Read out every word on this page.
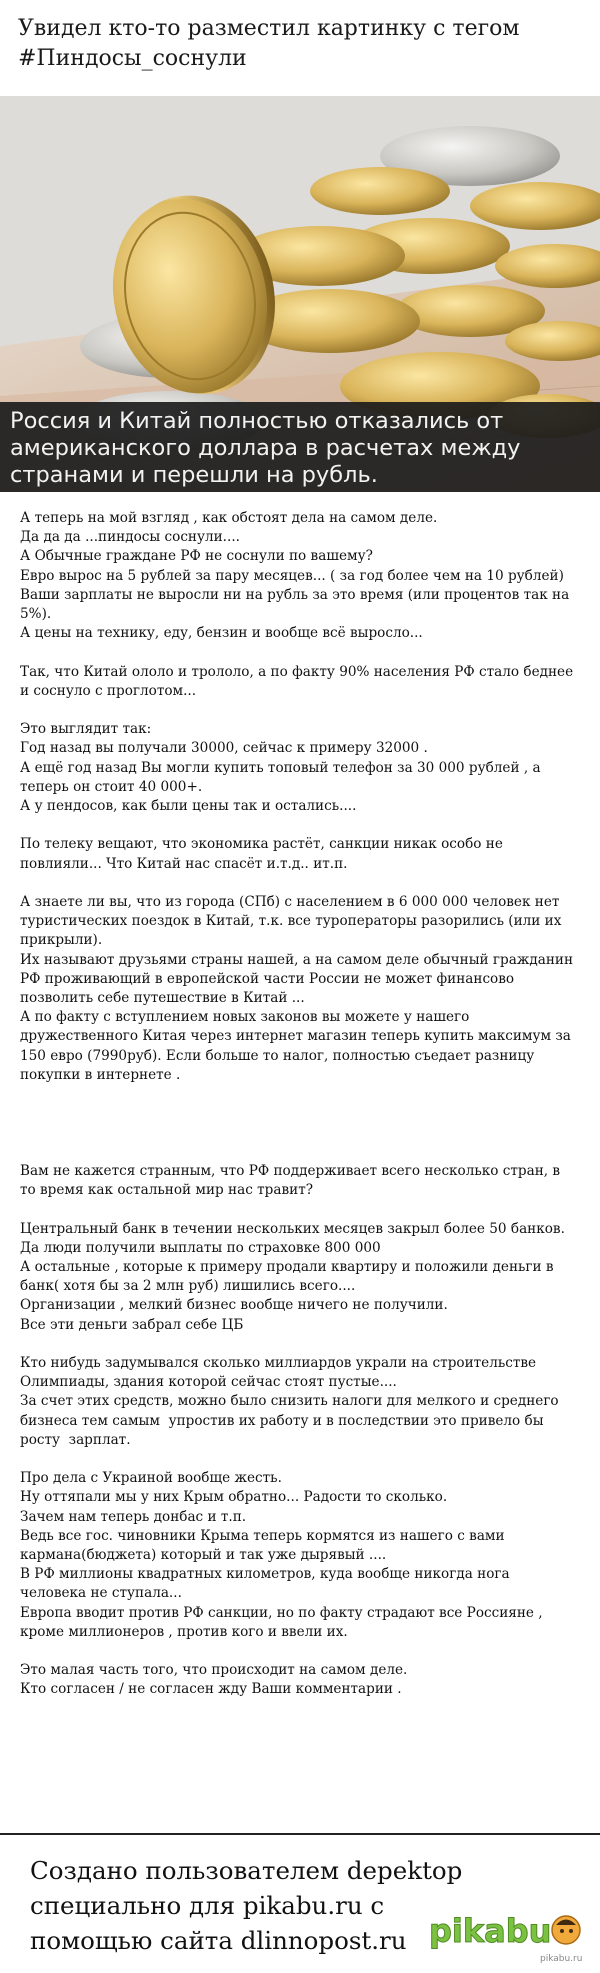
Увидел кто-то разместил картинку с тегом #Пиндосы_соснули
Россия и Китай полностью отказались от американского доллара в расчетах между странами и перешли на рубль.
А теперь на мой взгляд , как обстоят дела на самом деле.
Да да да ...пиндосы соснули....
А Обычные граждане РФ не соснули по вашему?
Евро вырос на 5 рублей за пару месяцев... ( за год более чем на 10 рублей)
Ваши зарплаты не выросли ни на рубль за это время (или процентов так на 5%).
А цены на технику, еду, бензин и вообще всё выросло...

Так, что Китай ололо и трололо, а по факту 90% населения РФ стало беднее и соснуло с проглотом...

Это выглядит так:
Год назад вы получали 30000, сейчас к примеру 32000 .
А ещё год назад Вы могли купить топовый телефон за 30 000 рублей , а теперь он стоит 40 000+.
А у пендосов, как были цены так и остались....

По телеку вещают, что экономика растёт, санкции никак особо не повлияли... Что Китай нас спасёт и.т.д.. ит.п.

А знаете ли вы, что из города (СПб) с населением в 6 000 000 человек нет туристических поездок в Китай, т.к. все туроператоры разорились (или их прикрыли).
Их называют друзьями страны нашей, а на самом деле обычный гражданин РФ проживающий в европейской части России не может финансово позволить себе путешествие в Китай ...
А по факту с вступлением новых законов вы можете у нашего дружественного Китая через интернет магазин теперь купить максимум за 150 евро (7990руб). Если больше то налог, полностью съедает разницу покупки в интернете .

Вам не кажется странным, что РФ поддерживает всего несколько стран, в то время как остальной мир нас травит?

Центральный банк в течении нескольких месяцев закрыл более 50 банков.
Да люди получили выплаты по страховке 800 000
А остальные , которые к примеру продали квартиру и положили деньги в банк( хотя бы за 2 млн руб) лишились всего....
Организации , мелкий бизнес вообще ничего не получили.
Все эти деньги забрал себе ЦБ

Кто нибудь задумывался сколько миллиардов украли на строительстве Олимпиады, здания которой сейчас стоят пустые....
За счет этих средств, можно было снизить налоги для мелкого и среднего бизнеса тем самым  упростив их работу и в последствии это привело бы росту  зарплат.

Про дела с Украиной вообще жесть.
Ну оттяпали мы у них Крым обратно... Радости то сколько.
Зачем нам теперь донбас и т.п.
Ведь все гос. чиновники Крыма теперь кормятся из нашего с вами кармана(бюджета) который и так уже дырявый ....
В РФ миллионы квадратных километров, куда вообще никогда нога человека не ступала...
Европа вводит против РФ санкции, но по факту страдают все Россияне , кроме миллионеров , против кого и ввели их.

Это малая часть того, что происходит на самом деле.
Кто согласен / не согласен жду Ваши комментарии .
Создано пользователем depektop специально для pikabu.ru с помощью сайта dlinnopost.ru pikabu
pikabu.ru
